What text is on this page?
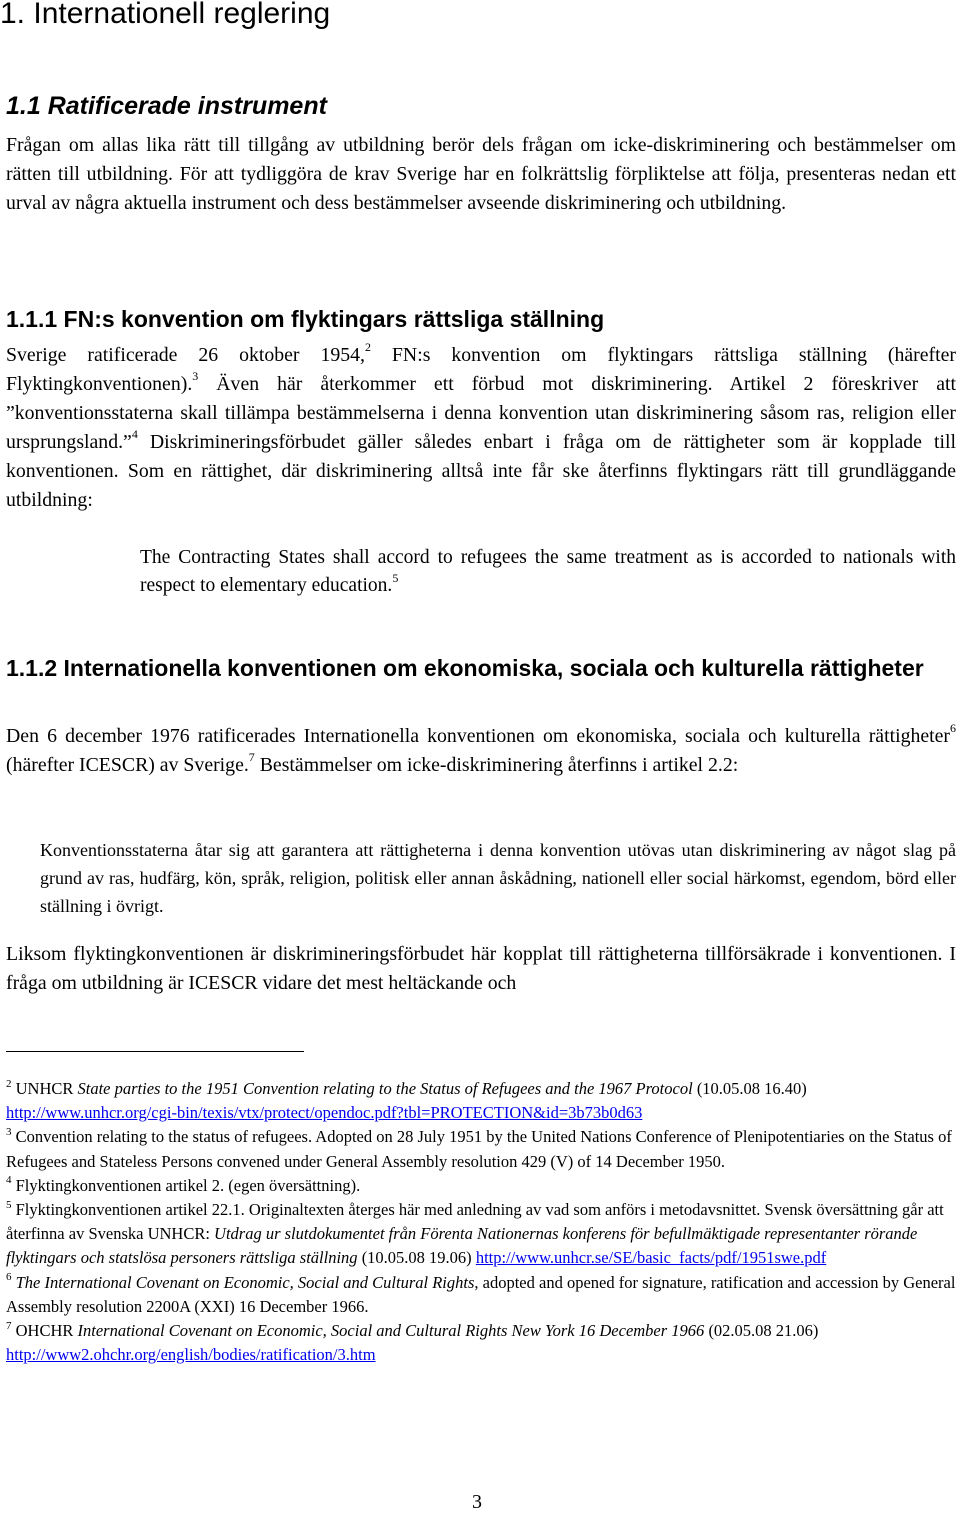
1. Internationell reglering
1.1 Ratificerade instrument

Frågan om allas lika rätt till tillgång av utbildning berör dels frågan om icke-diskriminering och bestämmelser om rätten till utbildning. För att tydliggöra de krav Sverige har en folkrättslig förpliktelse att följa, presenteras nedan ett urval av några aktuella instrument och dess bestämmelser avseende diskriminering och utbildning.

1.1.1 FN:s konvention om flyktingars rättsliga ställning

Sverige ratificerade 26 oktober 1954,$^2$ FN:s konvention om flyktingars rättsliga ställning (härefter Flyktingkonventionen).$^3$ Även här återkommer ett förbud mot diskriminering. Artikel 2 föreskriver att ”konventionsstaterna skall tillämpa bestämmelserna i denna konvention utan diskriminering såsom ras, religion eller ursprungsland.”$^4$ Diskrimineringsförbudet gäller således enbart i fråga om de rättigheter som är kopplade till konventionen. Som en rättighet, där diskriminering alltså inte får ske återfinns flyktingars rätt till grundläggande utbildning:

The Contracting States shall accord to refugees the same treatment as is accorded to nationals with respect to elementary education.$^5$

1.1.2 Internationella konventionen om ekonomiska, sociala och kulturella rättigheter

Den 6 december 1976 ratificerades Internationella konventionen om ekonomiska, sociala och kulturella rättigheter$^6$ (härefter ICESCR) av Sverige.$^7$ Bestämmelser om icke-diskriminering återfinns i artikel 2.2:

Konventionsstaterna åtar sig att garantera att rättigheterna i denna konvention utövas utan diskriminering av något slag på grund av ras, hudfärg, kön, språk, religion, politisk eller annan åskådning, nationell eller social härkomst, egendom, börd eller ställning i övrigt.

Liksom flyktingkonventionen är diskrimineringsförbudet här kopplat till rättigheterna tillförsäkrade i konventionen. I fråga om utbildning är ICESCR vidare det mest heltäckande och

$^2$ UNHCR State parties to the 1951 Convention relating to the Status of Refugees and the 1967 Protocol (10.05.08 16.40) http://www.unhcr.org/cgi-bin/texis/vtx/protect/opendoc.pdf?tbl=PROTECTION&id=3b73b0d63

$^3$ Convention relating to the status of refugees. Adopted on 28 July 1951 by the United Nations Conference of Plenipotentiaries on the Status of Refugees and Stateless Persons convened under General Assembly resolution 429 (V) of 14 December 1950.

$^4$ Flyktingkonventionen artikel 2. (egen översättning).

$^5$ Flyktingkonventionen artikel 22.1. Originaltexten återges här med anledning av vad som anförs i metodavsnittet. Svensk översättning går att återfinna av Svenska UNHCR: Utdrag ur slutdokumentet från Förenta Nationernas konferens för befullmäktigade representanter rörande flyktingars och statslösa personers rättsliga ställning (10.05.08 19.06) http://www.unhcr.se/SE/basic_facts/pdf/1951swe.pdf

$^6$ The International Covenant on Economic, Social and Cultural Rights, adopted and opened for signature, ratification and accession by General Assembly resolution 2200A (XXI) 16 December 1966.

$^7$ OHCHR International Covenant on Economic, Social and Cultural Rights New York 16 December 1966 (02.05.08 21.06) http://www2.ohchr.org/english/bodies/ratification/3.htm

3
